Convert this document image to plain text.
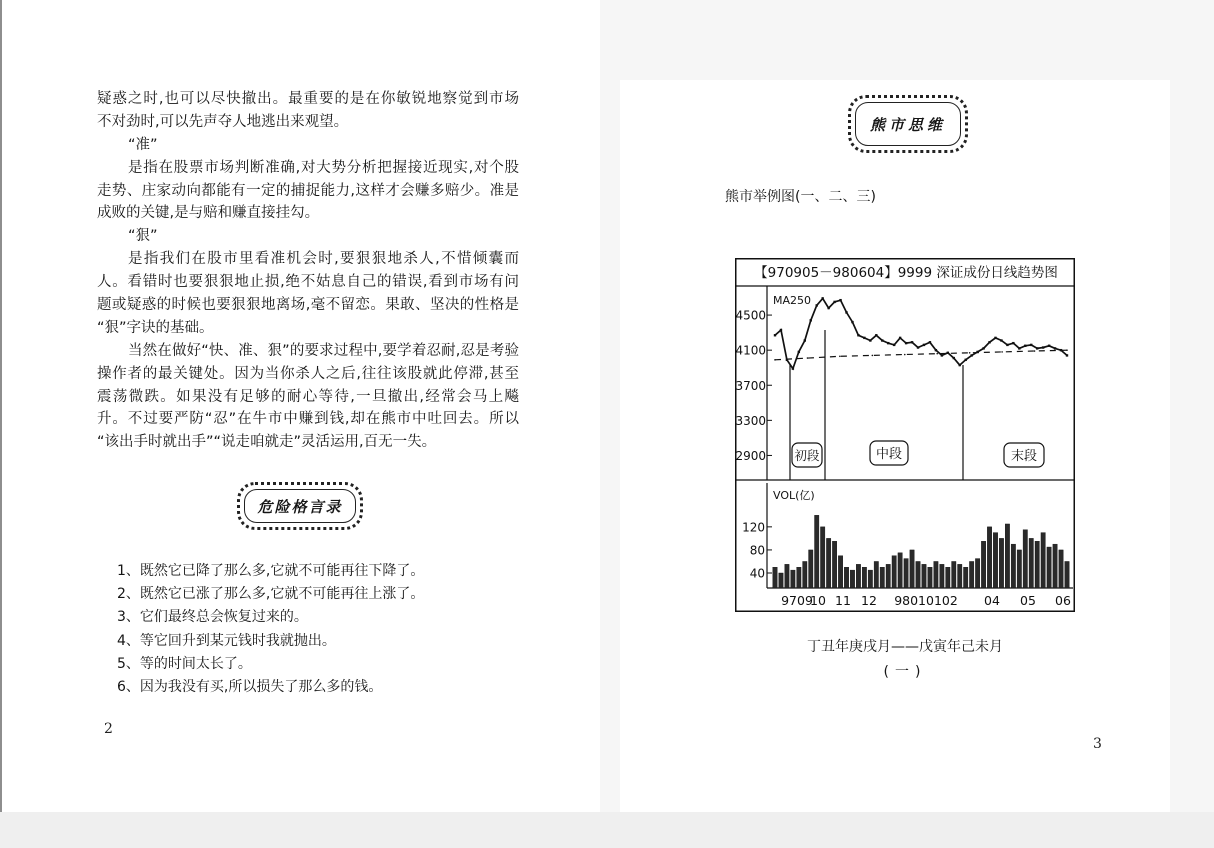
疑惑之时,也可以尽快撤出。最重要的是在你敏锐地察觉到市场
不对劲时,可以先声夺人地逃出来观望。
“准”
是指在股票市场判断准确,对大势分析把握接近现实,对个股
走势、庄家动向都能有一定的捕捉能力,这样才会赚多赔少。准是
成败的关键,是与赔和赚直接挂勾。
“狠”
是指我们在股市里看准机会时,要狠狠地杀人,不惜倾囊而
人。看错时也要狠狠地止损,绝不姑息自己的错误,看到市场有问
题或疑惑的时候也要狠狠地离场,毫不留恋。果敢、坚决的性格是
“狠”字诀的基础。
当然在做好“快、准、狠”的要求过程中,要学着忍耐,忍是考验
操作者的最关键处。因为当你杀人之后,往往该股就此停滞,甚至
震荡微跌。如果没有足够的耐心等待,一旦撤出,经常会马上飚
升。不过要严防“忍”在牛市中赚到钱,却在熊市中吐回去。所以
“该出手时就出手”“说走咱就走”灵活运用,百无一失。
危险格言录
1、既然它已降了那么多,它就不可能再往下降了。
2、既然它已涨了那么多,它就不可能再往上涨了。
3、它们最终总会恢复过来的。
4、等它回升到某元钱时我就抛出。
5、等的时间太长了。
6、因为我没有买,所以损失了那么多的钱。
2
熊市思维
熊市举例图(一、二、三)
【970905－980604】9999 深证成份日线趋势图
MA250
初段	中段	末段
4500
4100
3700
3300
2900
VOL(亿)
120
80
40
9709
10 11 12 98010102 04 05 06
丁丑年庚戌月——戊寅年己未月
(一)
3
